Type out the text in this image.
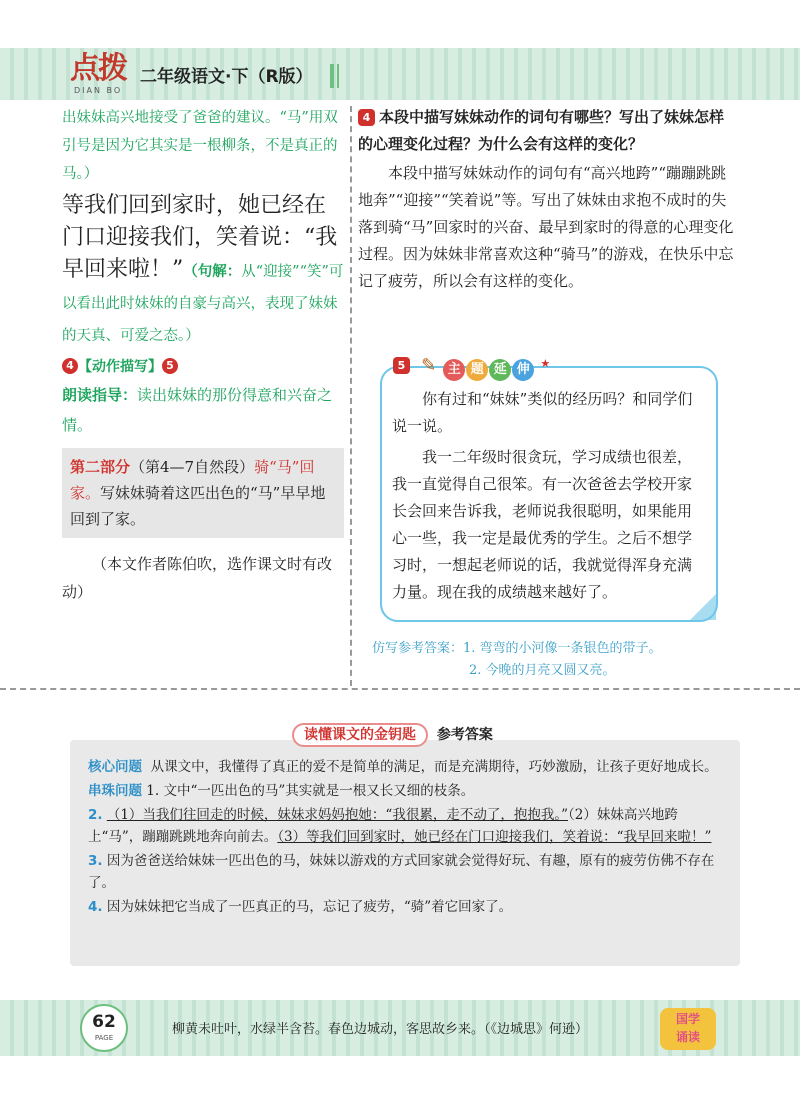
点拨
DIAN BO
二年级语文·下（R版）

出妹妹高兴地接受了爸爸的建议。“马”用双引号是因为它其实是一根柳条，不是真正的马。）

等我们回到家时，她已经在门口迎接我们，笑着说：“我早回来啦！”（句解：从“迎接”“笑”可以看出此时妹妹的自豪与高兴，表现了妹妹的天真、可爱之态。）

4 【动作描写】 5

朗读指导：读出妹妹的那份得意和兴奋之情。

第二部分（第4—7自然段）骑“马”回家。写妹妹骑着这匹出色的“马”早早地回到了家。

（本文作者陈伯吹，选作课文时有改动）

4 本段中描写妹妹动作的词句有哪些？写出了妹妹怎样的心理变化过程？为什么会有这样的变化？

本段中描写妹妹动作的词句有“高兴地跨”“蹦蹦跳跳地奔”“迎接”“笑着说”等。写出了妹妹由求抱不成时的失落到骑“马”回家时的兴奋、最早到家时的得意的心理变化过程。因为妹妹非常喜欢这种“骑马”的游戏，在快乐中忘记了疲劳，所以会有这样的变化。

5 ✎ 主 题 延 伸 ★

你有过和“妹妹”类似的经历吗？和同学们说一说。

我一二年级时很贪玩，学习成绩也很差，我一直觉得自己很笨。有一次爸爸去学校开家长会回来告诉我，老师说我很聪明，如果能用心一些，我一定是最优秀的学生。之后不想学习时，一想起老师说的话，我就觉得浑身充满力量。现在我的成绩越来越好了。

仿写参考答案：1. 弯弯的小河像一条银色的带子。
2. 今晚的月亮又圆又亮。
读懂课文的金钥匙 参考答案

核心问题 从课文中，我懂得了真正的爱不是简单的满足，而是充满期待，巧妙激励，让孩子更好地成长。

串珠问题 1. 文中“一匹出色的马”其实就是一根又长又细的枝条。

2. （1）当我们往回走的时候，妹妹求妈妈抱她：“我很累，走不动了，抱抱我。”（2）妹妹高兴地跨上“马”，蹦蹦跳跳地奔向前去。（3）等我们回到家时，她已经在门口迎接我们，笑着说：“我早回来啦！”

3. 因为爸爸送给妹妹一匹出色的马，妹妹以游戏的方式回家就会觉得好玩、有趣，原有的疲劳仿佛不存在了。

4. 因为妹妹把它当成了一匹真正的马，忘记了疲劳，“骑”着它回家了。

62
PAGE
柳黄未吐叶，水绿半含苔。春色边城动，客思故乡来。（《边城思》何逊）
国学
诵读
